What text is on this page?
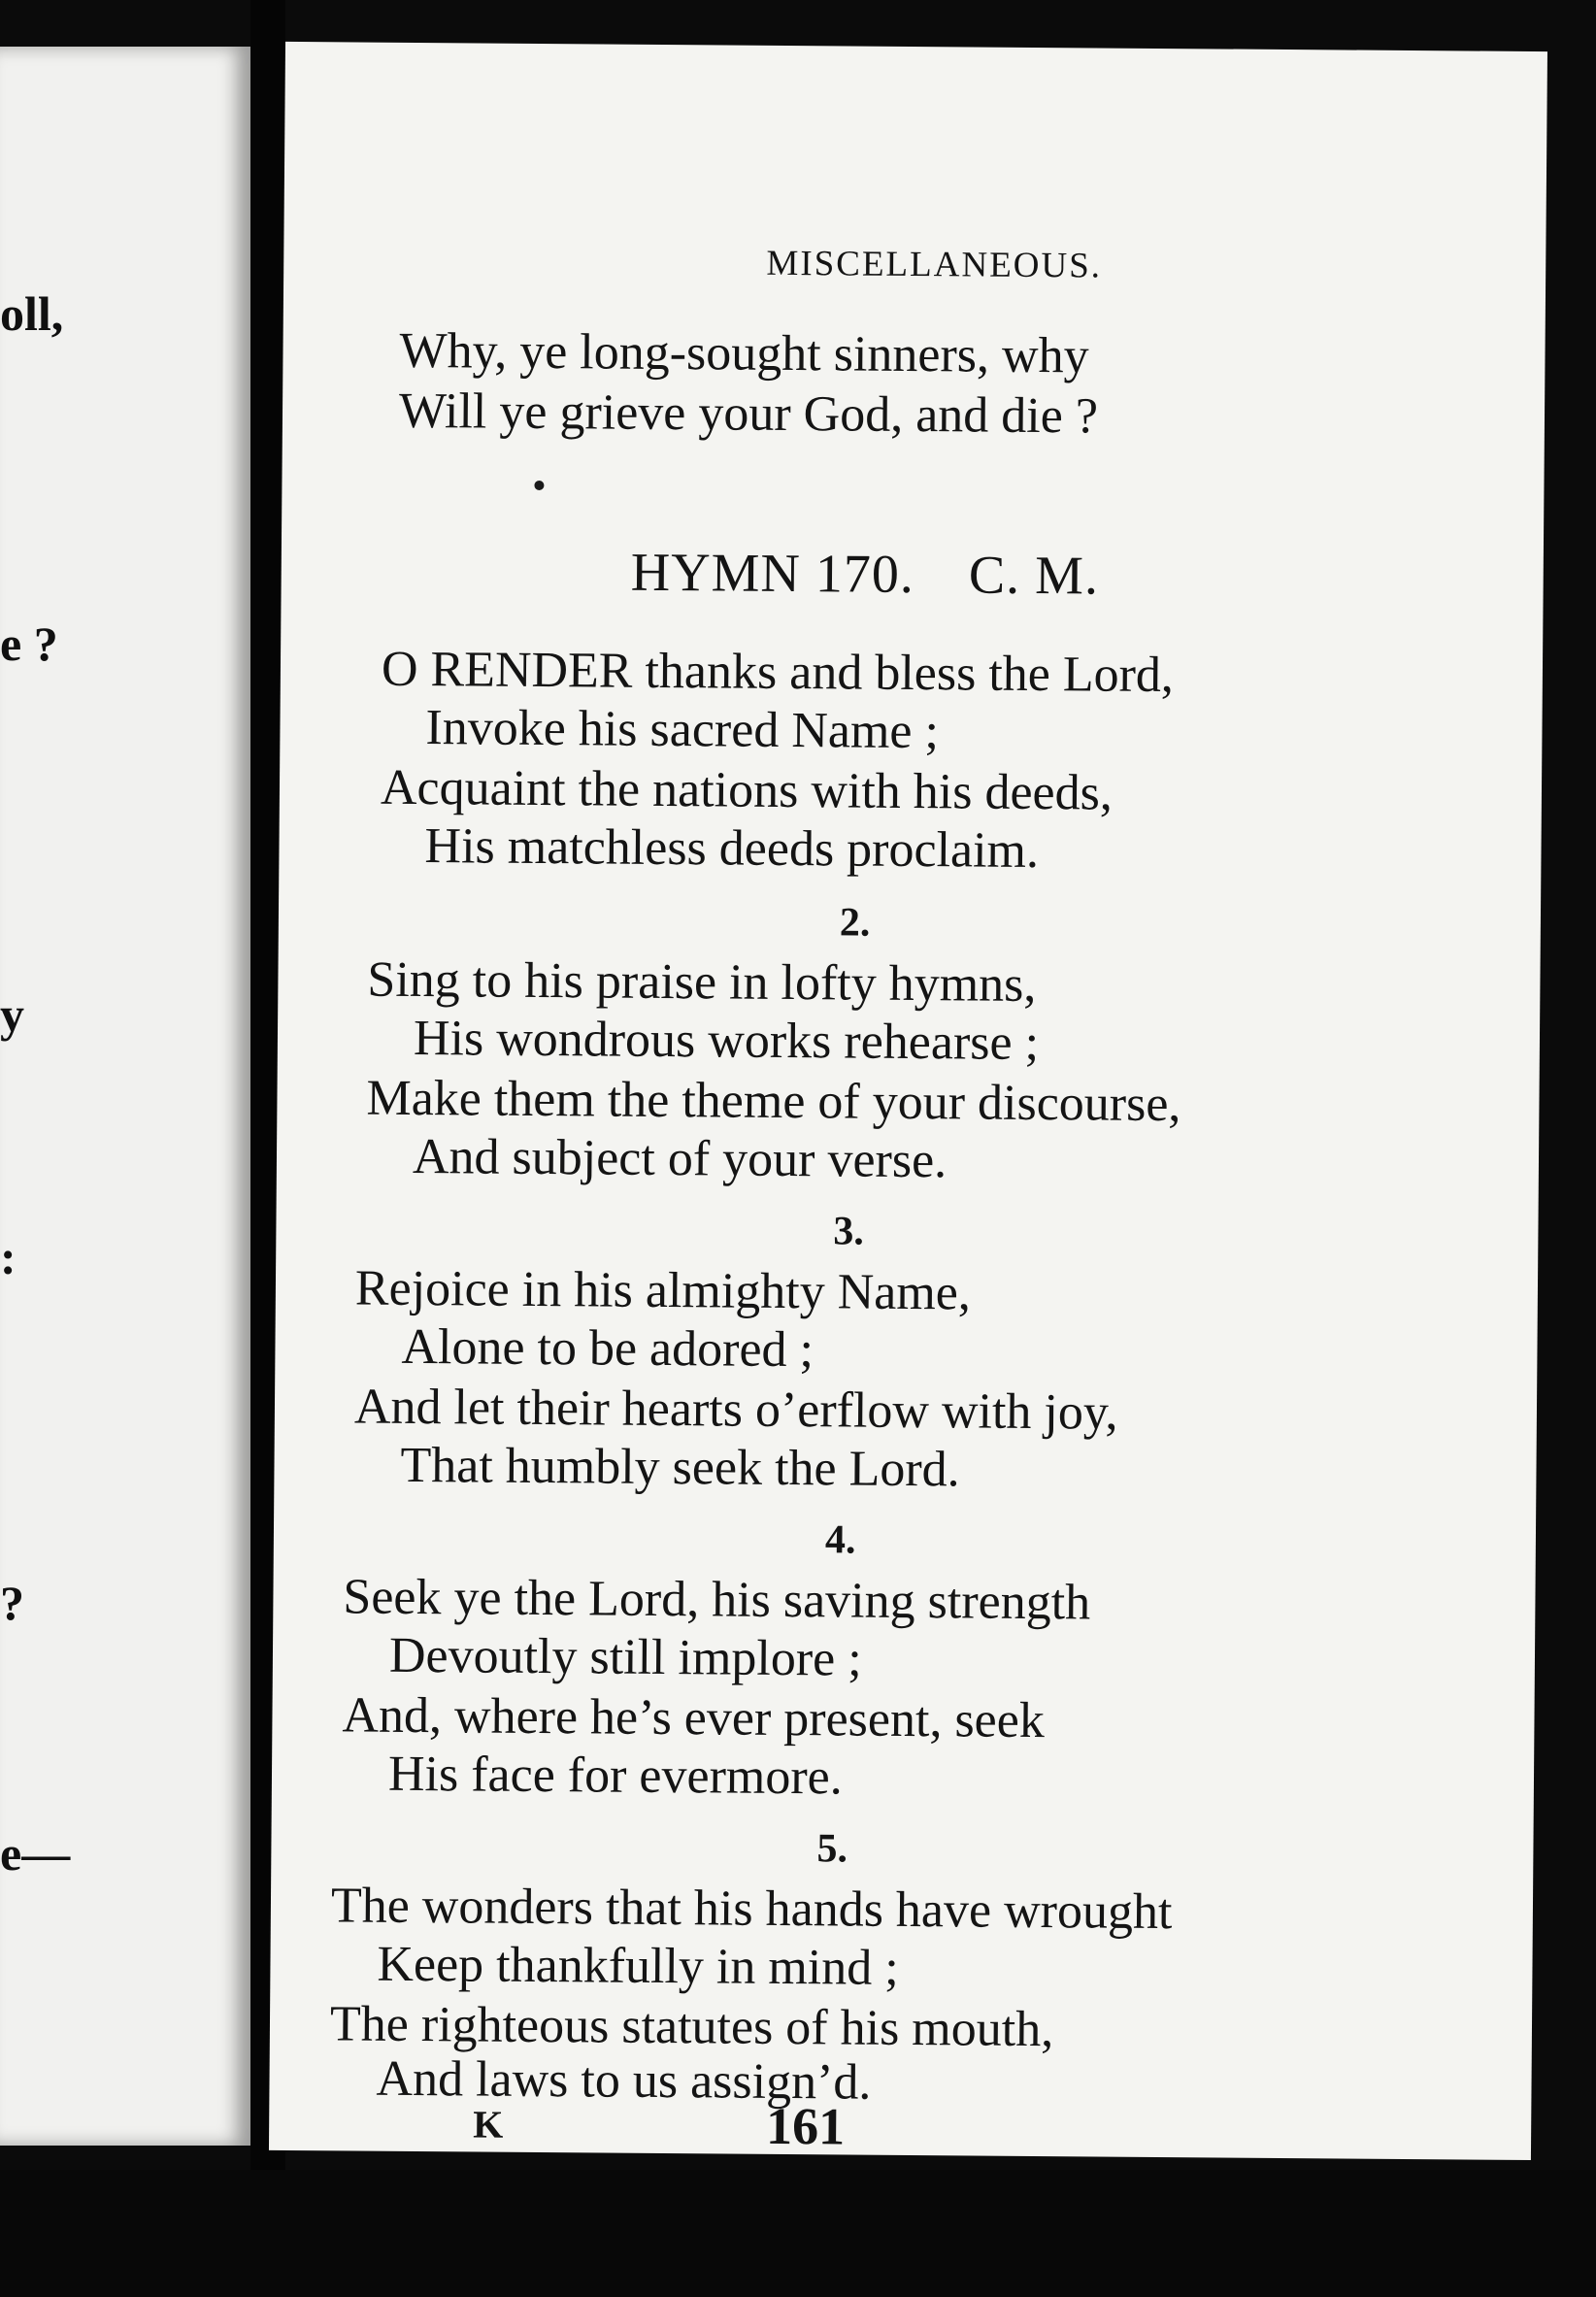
oll,

e ?

y

:

?

e—

MISCELLANEOUS.

Why, ye long-sought sinners, why

Will ye grieve your God, and die ?

HYMN 170. C. M.

O RENDER thanks and bless the Lord,

Invoke his sacred Name ;

Acquaint the nations with his deeds,

His matchless deeds proclaim.

2.

Sing to his praise in lofty hymns,

His wondrous works rehearse ;

Make them the theme of your discourse,

And subject of your verse.

3.

Rejoice in his almighty Name,

Alone to be adored ;

And let their hearts o’erflow with joy,

That humbly seek the Lord.

4.

Seek ye the Lord, his saving strength

Devoutly still implore ;

And, where he’s ever present, seek

His face for evermore.

5.

The wonders that his hands have wrought

Keep thankfully in mind ;

The righteous statutes of his mouth,

And laws to us assign’d.

K	161
